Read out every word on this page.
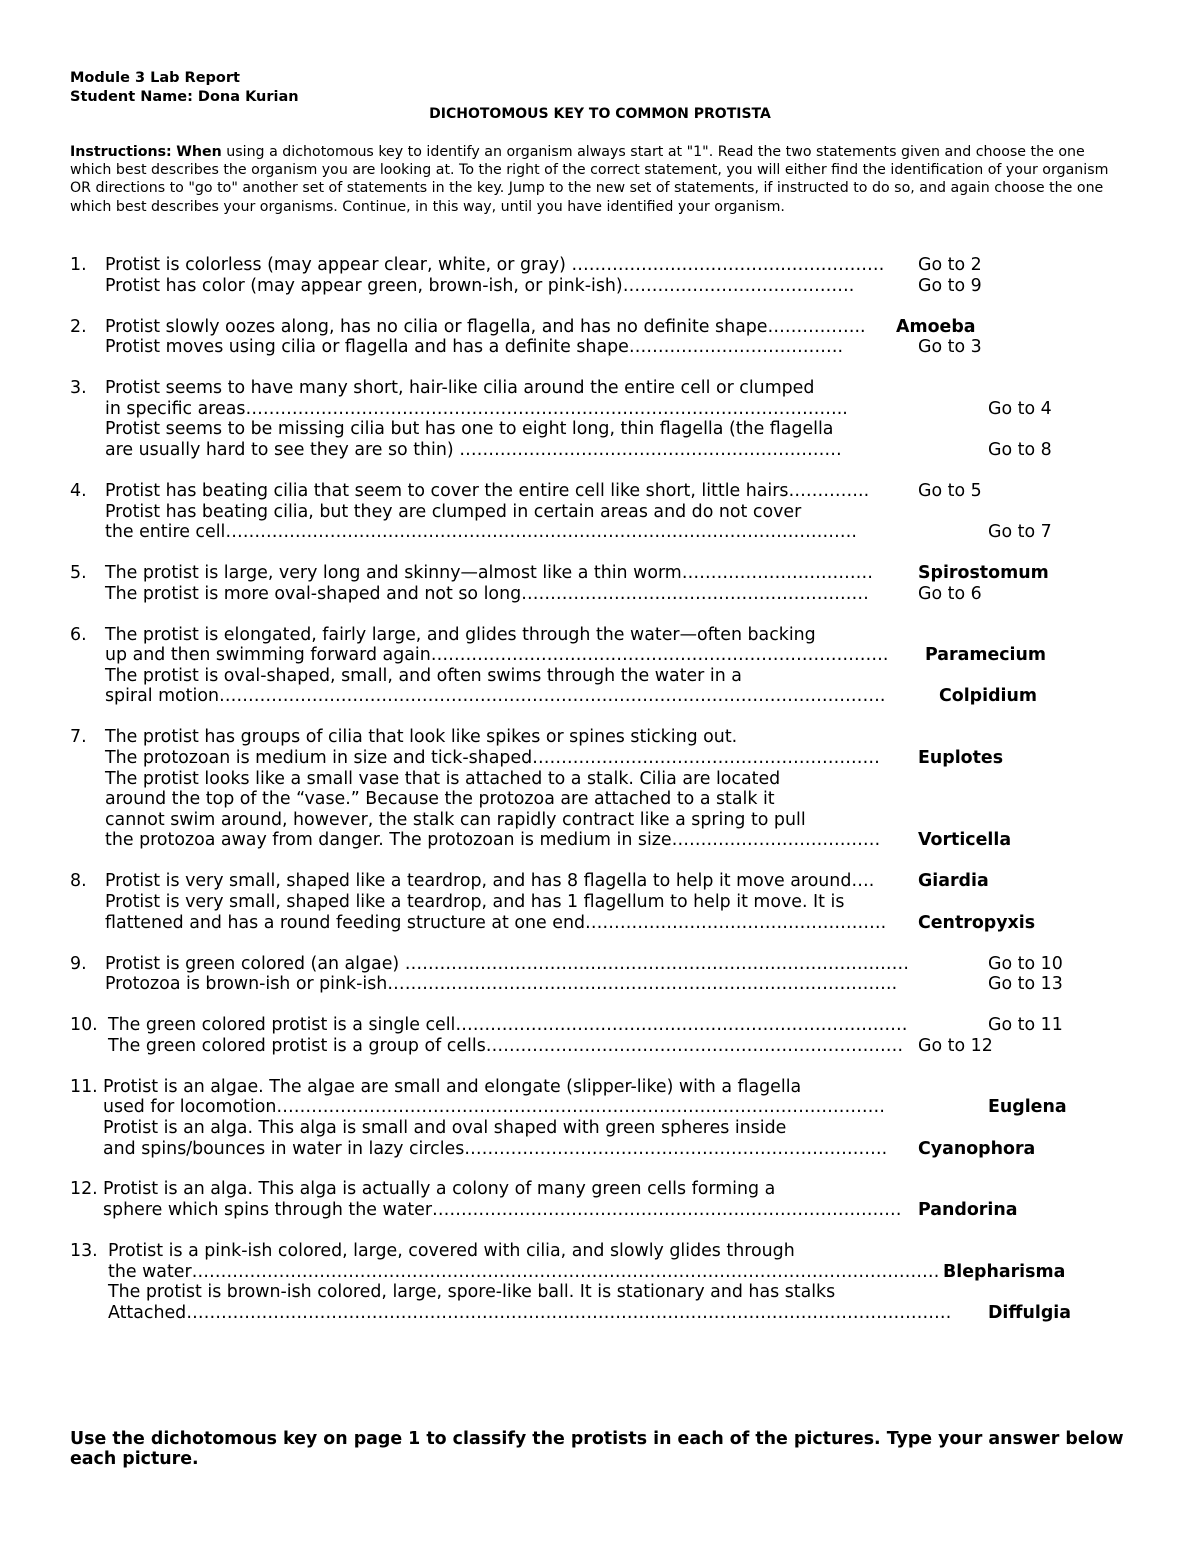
Module 3 Lab Report

Student Name: Dona Kurian

DICHOTOMOUS KEY TO COMMON PROTISTA

Instructions: When using a dichotomous key to identify an organism always start at "1". Read the two statements given and choose the one which best describes the organism you are looking at. To the right of the correct statement, you will either find the identification of your organism OR directions to "go to" another set of statements in the key. Jump to the new set of statements, if instructed to do so, and again choose the one which best describes your organisms. Continue, in this way, until you have identified your organism.

1. Protist is colorless (may appear clear, white, or gray) ……………………………………………… Go to 2
Protist has color (may appear green, brown-ish, or pink-ish)………………………………….	Go to 9
2. Protist slowly oozes along, has no cilia or flagella, and has no definite shape…………….. Amoeba
Protist moves using cilia or flagella and has a definite shape……………………………….	Go to 3
3. Protist seems to have many short, hair-like cilia around the entire cell or clumped
in specific areas…………………………………………………………………………………………..	Go to 4
Protist seems to be missing cilia but has one to eight long, thin flagella (the flagella
are usually hard to see they are so thin) …………………………………………………………	Go to 8
4. Protist has beating cilia that seem to cover the entire cell like short, little hairs…………..	Go to 5
Protist has beating cilia, but they are clumped in certain areas and do not cover
the entire cell……………………………………………………………………………………………….	Go to 7
5. The protist is large, very long and skinny—almost like a thin worm……………………………	Spirostomum
The protist is more oval-shaped and not so long……………………………………………………	Go to 6
6. The protist is elongated, fairly large, and glides through the water—often backing
up and then swimming forward again……………………………………………………………………. Paramecium
The protist is oval-shaped, small, and often swims through the water in a
spiral motion…………………………………………………………………………………………………….	Colpidium
7. The protist has groups of cilia that look like spikes or spines sticking out.
The protozoan is medium in size and tick-shaped…………………………………………………… Euplotes
The protist looks like a small vase that is attached to a stalk. Cilia are located
around the top of the “vase.” Because the protozoa are attached to a stalk it
cannot swim around, however, the stalk can rapidly contract like a spring to pull
the protozoa away from danger. The protozoan is medium in size……………………………… Vorticella
8. Protist is very small, shaped like a teardrop, and has 8 flagella to help it move around….	Giardia
Protist is very small, shaped like a teardrop, and has 1 flagellum to help it move. It is
flattened and has a round feeding structure at one end……………………………………………. Centropyxis
9. Protist is green colored (an algae) ……………………………………………………………………………	Go to 10
Protozoa is brown-ish or pink-ish…………………………………………………………………………….	Go to 13
10. The green colored protist is a single cell……………………………………………………………………	Go to 11
The green colored protist is a group of cells……………………………………………………………… Go to 12
11. Protist is an algae. The algae are small and elongate (slipper-like) with a flagella
used for locomotion……………………………………………………………………………………………	Euglena
Protist is an alga. This alga is small and oval shaped with green spheres inside
and spins/bounces in water in lazy circles………………………………………………………………. Cyanophora
12. Protist is an alga. This alga is actually a colony of many green cells forming a
sphere which spins through the water……………………………………………………………………… Pandorina
13. Protist is a pink-ish colored, large, covered with cilia, and slowly glides through
the water………………………………………………………………………………………………………………… Blepharisma
The protist is brown-ish colored, large, spore-like ball. It is stationary and has stalks
Attached…………………………………………………………………………………………………………………… Diffulgia

Use the dichotomous key on page 1 to classify the protists in each of the pictures. Type your answer below each picture.
